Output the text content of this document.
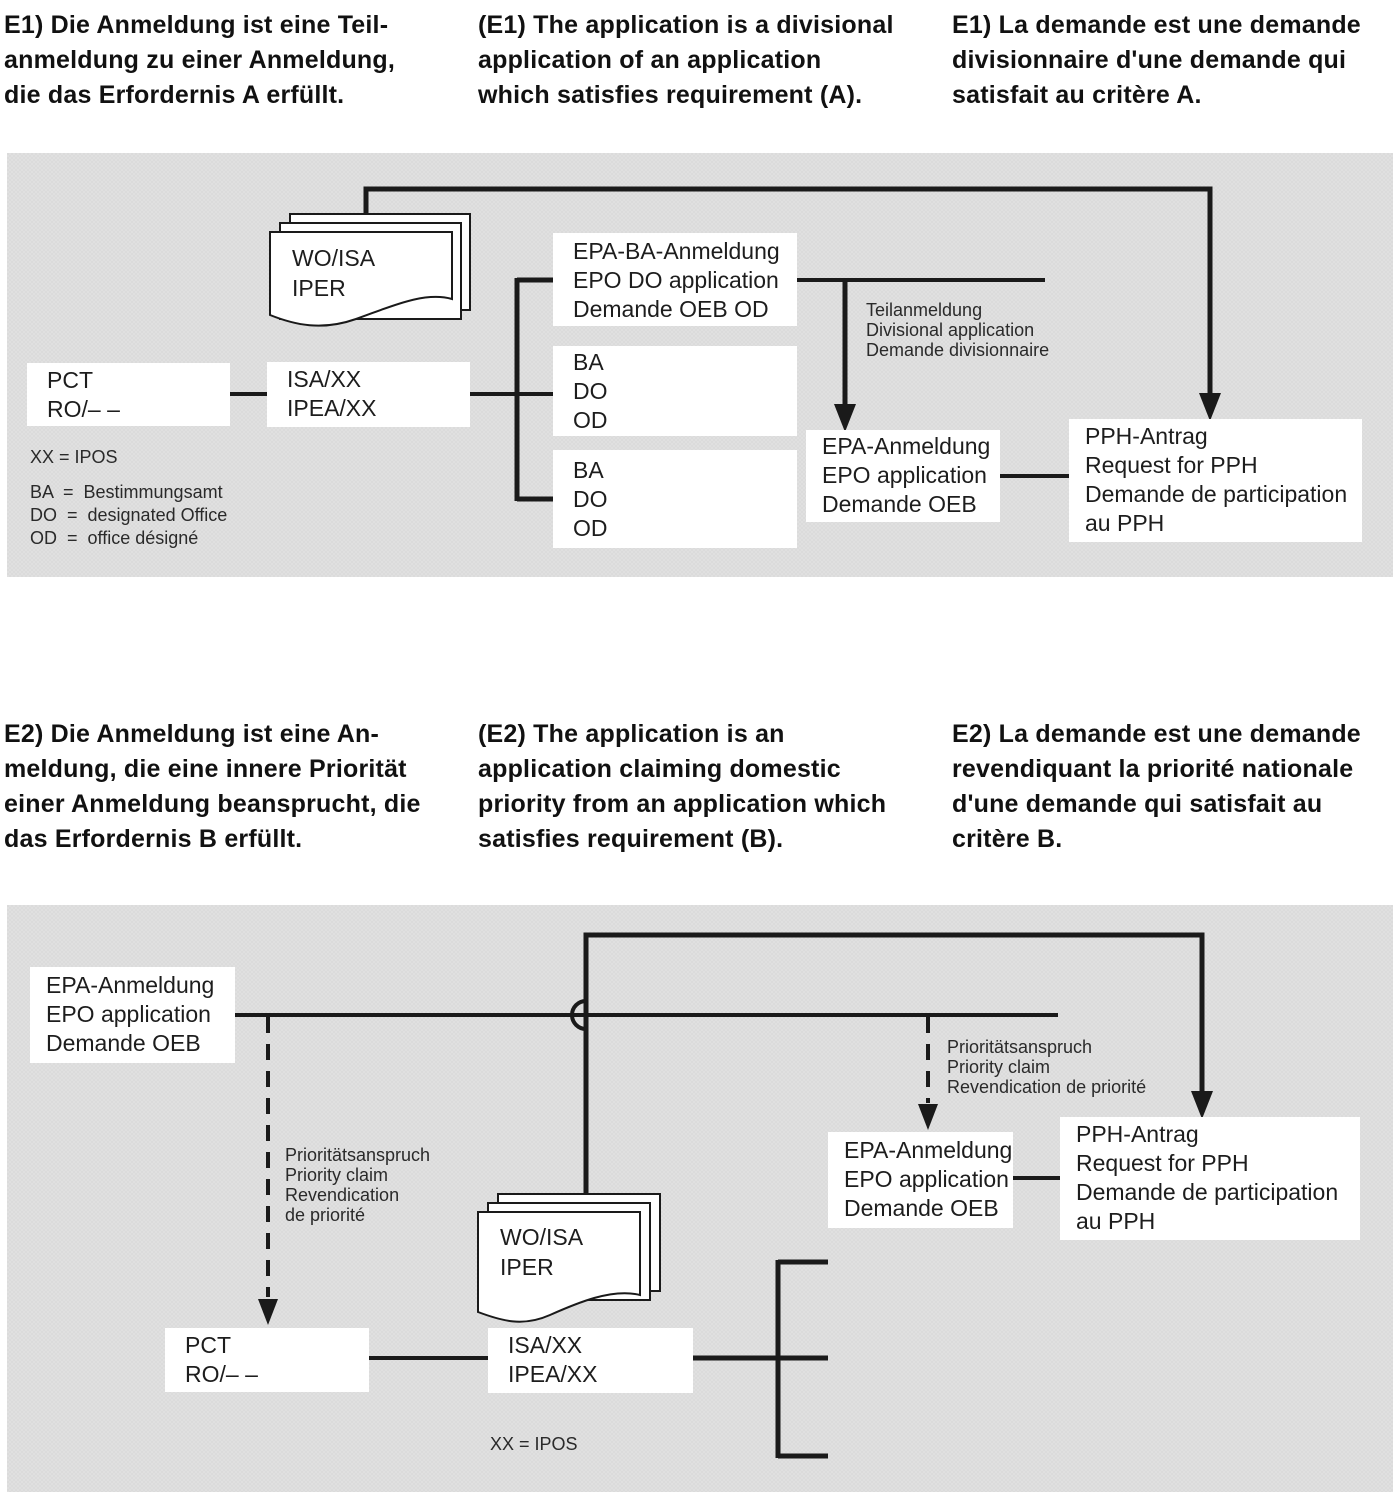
E1) Die Anmeldung ist eine Teil-
anmeldung zu einer Anmeldung,
die das Erfordernis A erfüllt.
(E1) The application is a divisional
application of an application
which satisfies requirement (A).
E1) La demande est une demande
divisionnaire d'une demande qui
satisfait au critère A.
PCT
RO/– –
ISA/XX
IPEA/XX
WO/ISA
IPER
EPA-BA-Anmeldung
EPO DO application
Demande OEB OD
BA
DO
OD
BA
DO
OD
EPA-Anmeldung
EPO application
Demande OEB
PPH-Antrag
Request for PPH
Demande de participation
au PPH
Teilanmeldung
Divisional application
Demande divisionnaire
XX = IPOS
BA  =  Bestimmungsamt
DO  =  designated Office
OD  =  office désigné
E2) Die Anmeldung ist eine An-
meldung, die eine innere Priorität
einer Anmeldung beansprucht, die
das Erfordernis B erfüllt.
(E2) The application is an
application claiming domestic
priority from an application which
satisfies requirement (B).
E2) La demande est une demande
revendiquant la priorité nationale
d'une demande qui satisfait au
critère B.
EPA-Anmeldung
EPO application
Demande OEB
PCT
RO/– –
ISA/XX
IPEA/XX
WO/ISA
IPER
EPA-Anmeldung
EPO application
Demande OEB
PPH-Antrag
Request for PPH
Demande de participation
au PPH
Prioritätsanspruch
Priority claim
Revendication
de priorité
Prioritätsanspruch
Priority claim
Revendication de priorité
XX = IPOS
